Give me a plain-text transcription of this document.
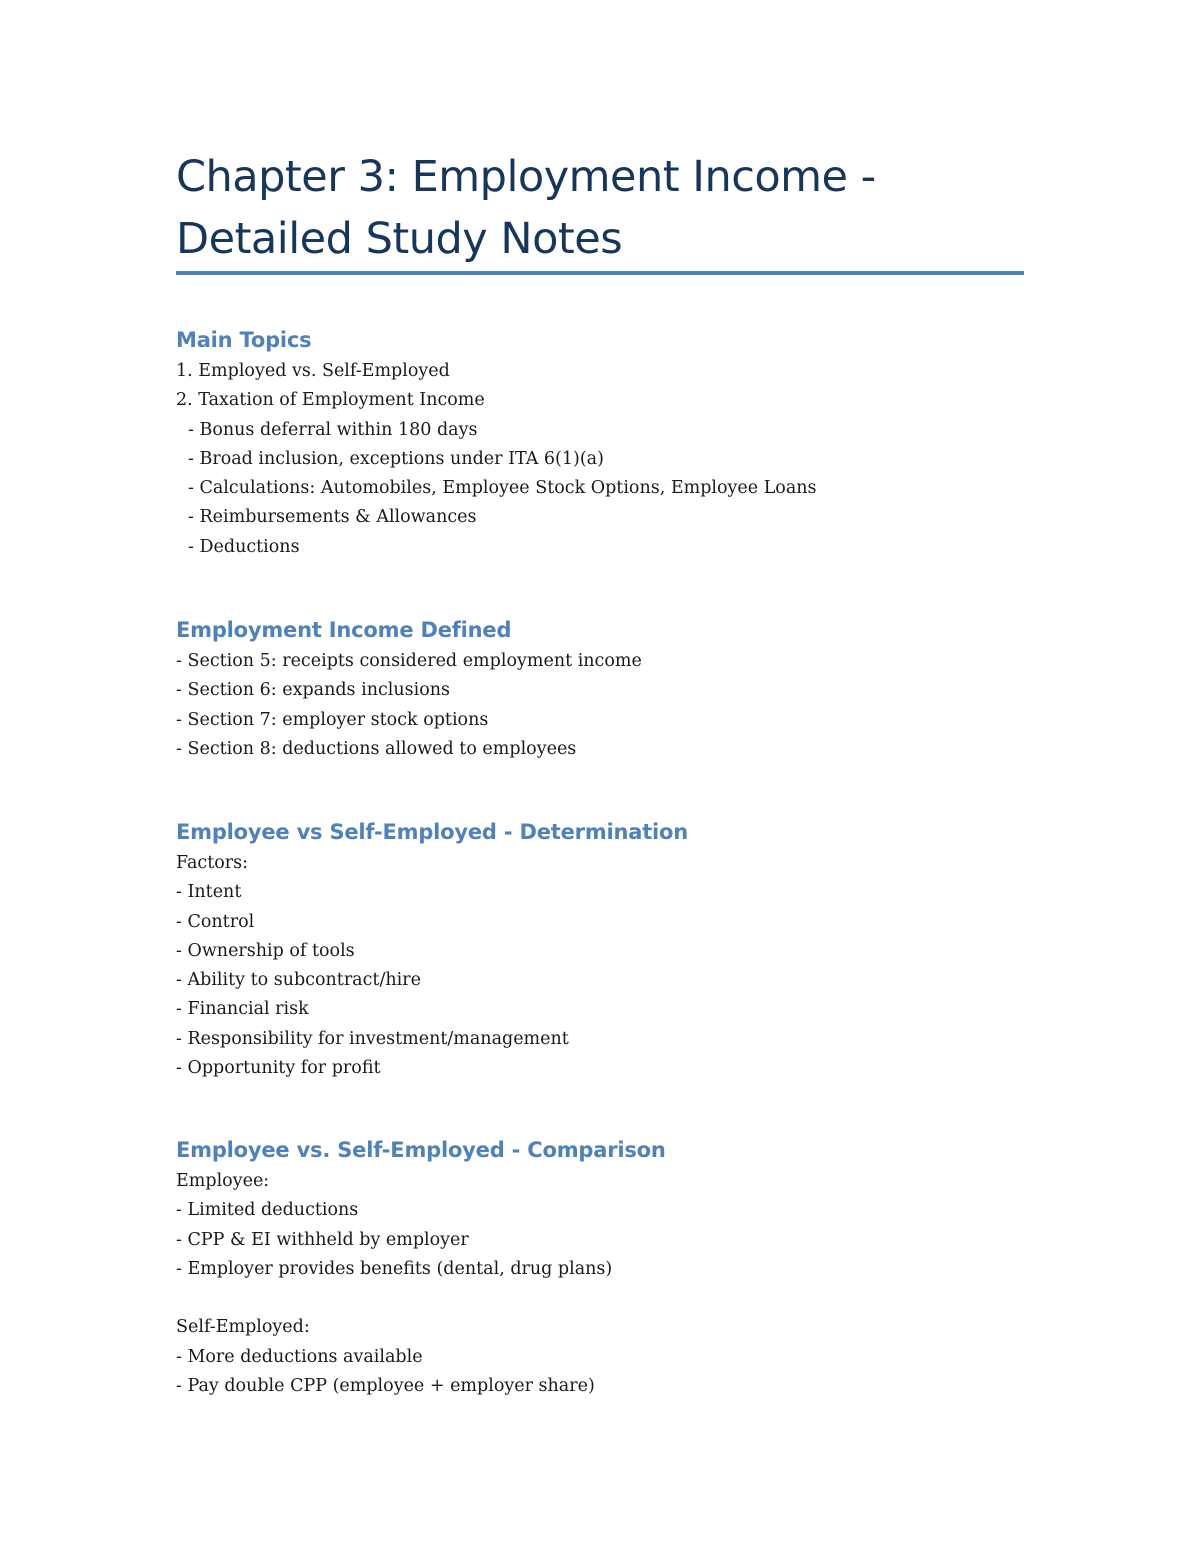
Chapter 3: Employment Income -
Detailed Study Notes
Main Topics

1. Employed vs. Self-Employed

2. Taxation of Employment Income

- Bonus deferral within 180 days

- Broad inclusion, exceptions under ITA 6(1)(a)

- Calculations: Automobiles, Employee Stock Options, Employee Loans

- Reimbursements & Allowances

- Deductions

Employment Income Defined

- Section 5: receipts considered employment income

- Section 6: expands inclusions

- Section 7: employer stock options

- Section 8: deductions allowed to employees

Employee vs Self-Employed - Determination

Factors:

- Intent

- Control

- Ownership of tools

- Ability to subcontract/hire

- Financial risk

- Responsibility for investment/management

- Opportunity for profit

Employee vs. Self-Employed - Comparison

Employee:

- Limited deductions

- CPP & EI withheld by employer

- Employer provides benefits (dental, drug plans)

Self-Employed:

- More deductions available

- Pay double CPP (employee + employer share)
